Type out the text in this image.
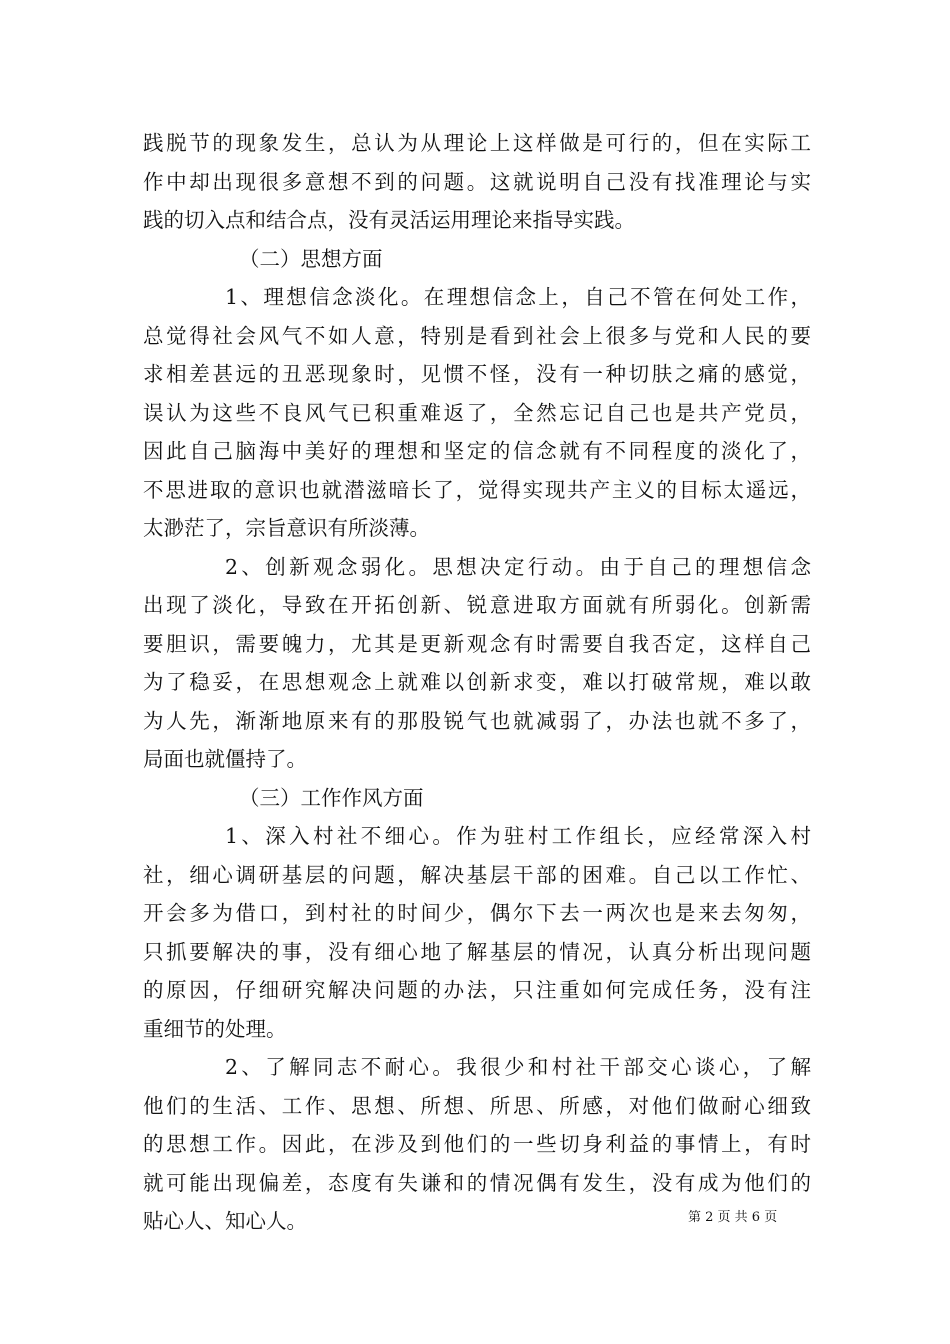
践脱节的现象发生，总认为从理论上这样做是可行的，但在实际工
作中却出现很多意想不到的问题。这就说明自己没有找准理论与实
践的切入点和结合点，没有灵活运用理论来指导实践。
（二）思想方面
1、理想信念淡化。在理想信念上，自己不管在何处工作，
总觉得社会风气不如人意，特别是看到社会上很多与党和人民的要
求相差甚远的丑恶现象时，见惯不怪，没有一种切肤之痛的感觉，
误认为这些不良风气已积重难返了，全然忘记自己也是共产党员，
因此自己脑海中美好的理想和坚定的信念就有不同程度的淡化了，
不思进取的意识也就潜滋暗长了，觉得实现共产主义的目标太遥远，
太渺茫了，宗旨意识有所淡薄。
2、创新观念弱化。思想决定行动。由于自己的理想信念
出现了淡化，导致在开拓创新、锐意进取方面就有所弱化。创新需
要胆识，需要魄力，尤其是更新观念有时需要自我否定，这样自己
为了稳妥，在思想观念上就难以创新求变，难以打破常规，难以敢
为人先，渐渐地原来有的那股锐气也就减弱了，办法也就不多了，
局面也就僵持了。
（三）工作作风方面
1、深入村社不细心。作为驻村工作组长，应经常深入村
社，细心调研基层的问题，解决基层干部的困难。自己以工作忙、
开会多为借口，到村社的时间少，偶尔下去一两次也是来去匆匆，
只抓要解决的事，没有细心地了解基层的情况，认真分析出现问题
的原因，仔细研究解决问题的办法，只注重如何完成任务，没有注
重细节的处理。
2、了解同志不耐心。我很少和村社干部交心谈心，了解
他们的生活、工作、思想、所想、所思、所感，对他们做耐心细致
的思想工作。因此，在涉及到他们的一些切身利益的事情上，有时
就可能出现偏差，态度有失谦和的情况偶有发生，没有成为他们的
贴心人、知心人。	第 2 页 共 6 页
